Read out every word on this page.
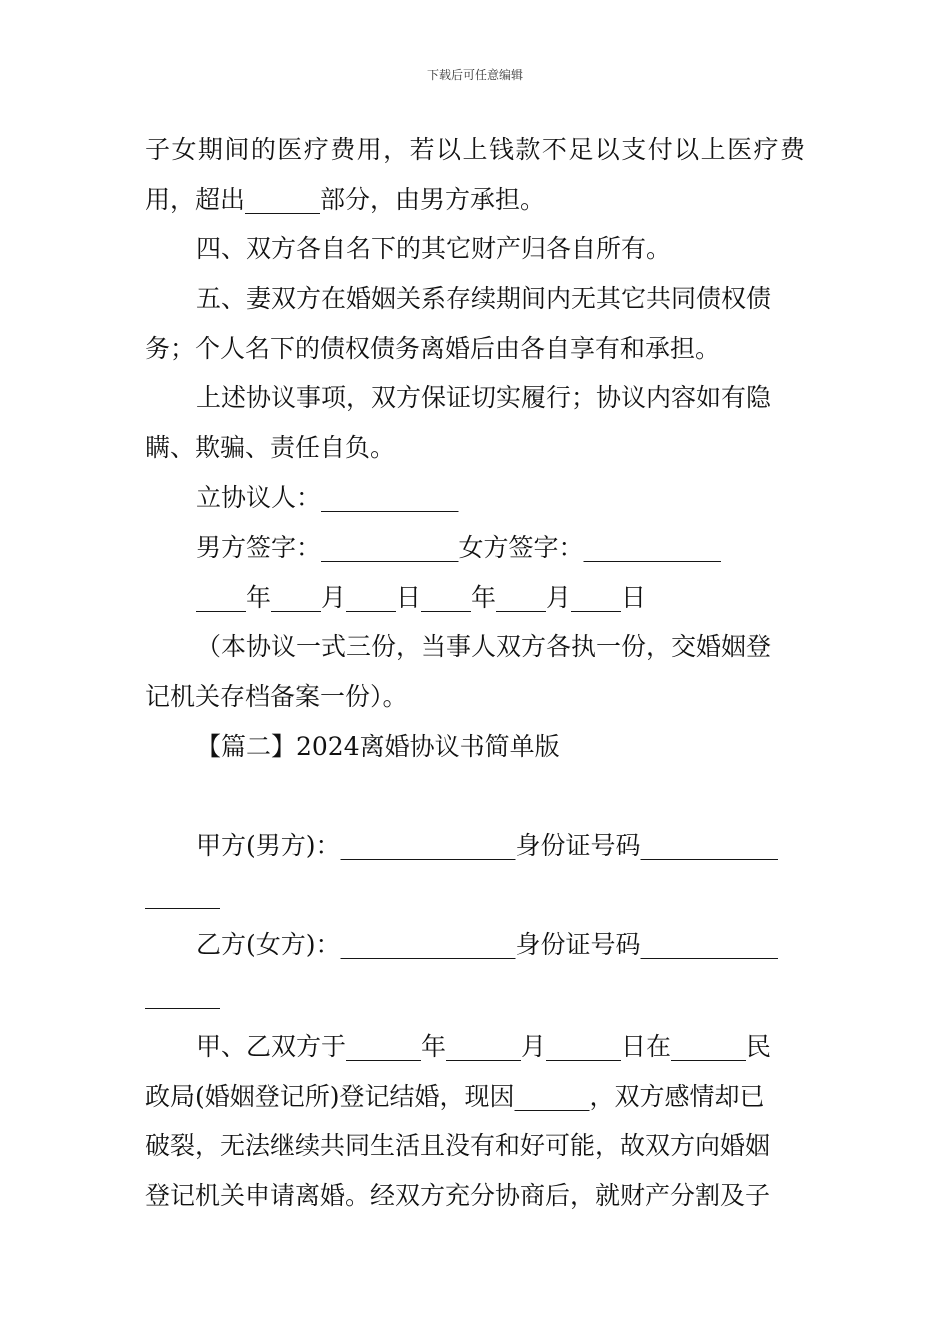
下载后可任意编辑
子女期间的医疗费用，若以上钱款不足以支付以上医疗费
用，超出______部分，由男方承担。
四、双方各自名下的其它财产归各自所有。
五、妻双方在婚姻关系存续期间内无其它共同债权债
务；个人名下的债权债务离婚后由各自享有和承担。
上述协议事项，双方保证切实履行；协议内容如有隐
瞒、欺骗、责任自负。
立协议人：___________
男方签字：___________女方签字：___________
____年____月____日____年____月____日
（本协议一式三份，当事人双方各执一份，交婚姻登
记机关存档备案一份）。
【篇二】2024离婚协议书简单版
甲方(男方)：______________身份证号码___________
______
乙方(女方)：______________身份证号码___________
______
甲、乙双方于______年______月______日在______民
政局(婚姻登记所)登记结婚，现因______，双方感情却已
破裂，无法继续共同生活且没有和好可能，故双方向婚姻
登记机关申请离婚。经双方充分协商后，就财产分割及子
